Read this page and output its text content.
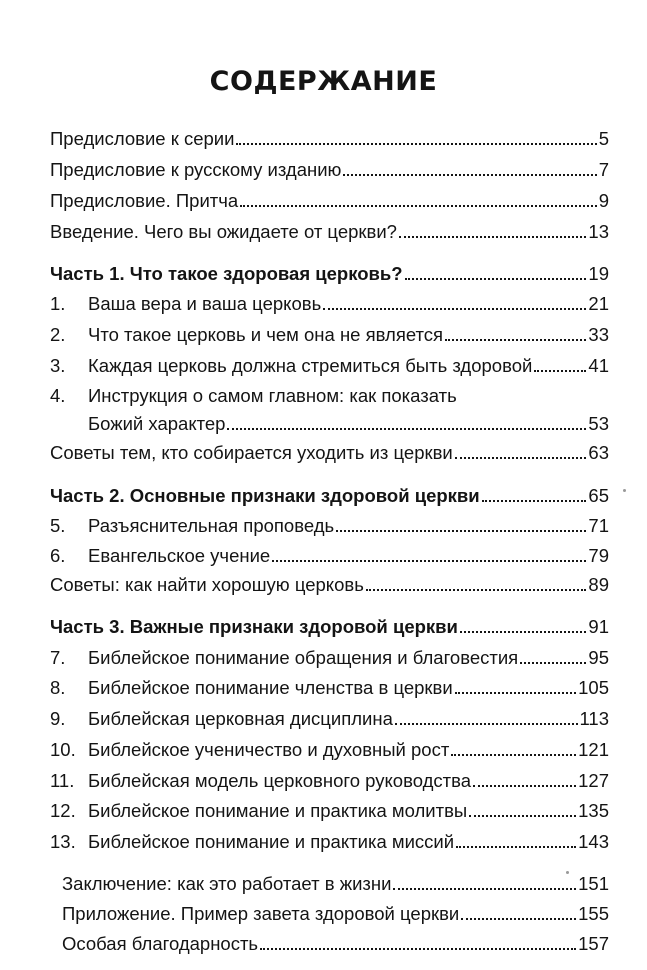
СОДЕРЖАНИЕ
Предисловие к серии	5
Предисловие к русскому изданию	7
Предисловие. Притча	9
Введение. Чего вы ожидаете от церкви?	13
Часть 1. Что такое здоровая церковь?	19
1.	Ваша вера и ваша церковь	21
2.	Что такое церковь и чем она не является	33
3.	Каждая церковь должна стремиться быть здоровой	41
4.	Инструкция о самом главном: как показать
Божий характер	53
Советы тем, кто собирается уходить из церкви	63
Часть 2. Основные признаки здоровой церкви	65
5.	Разъяснительная проповедь	71
6.	Евангельское учение	79
Советы: как найти хорошую церковь	89
Часть 3. Важные признаки здоровой церкви	91
7.	Библейское понимание обращения и благовестия	95
8.	Библейское понимание членства в церкви	105
9.	Библейская церковная дисциплина	113
10. Библейское ученичество и духовный рост	121
11. Библейская модель церковного руководства	127
12. Библейское понимание и практика молитвы	135
13. Библейское понимание и практика миссий	143
Заключение: как это работает в жизни	151
Приложение. Пример завета здоровой церкви	155
Особая благодарность	157
